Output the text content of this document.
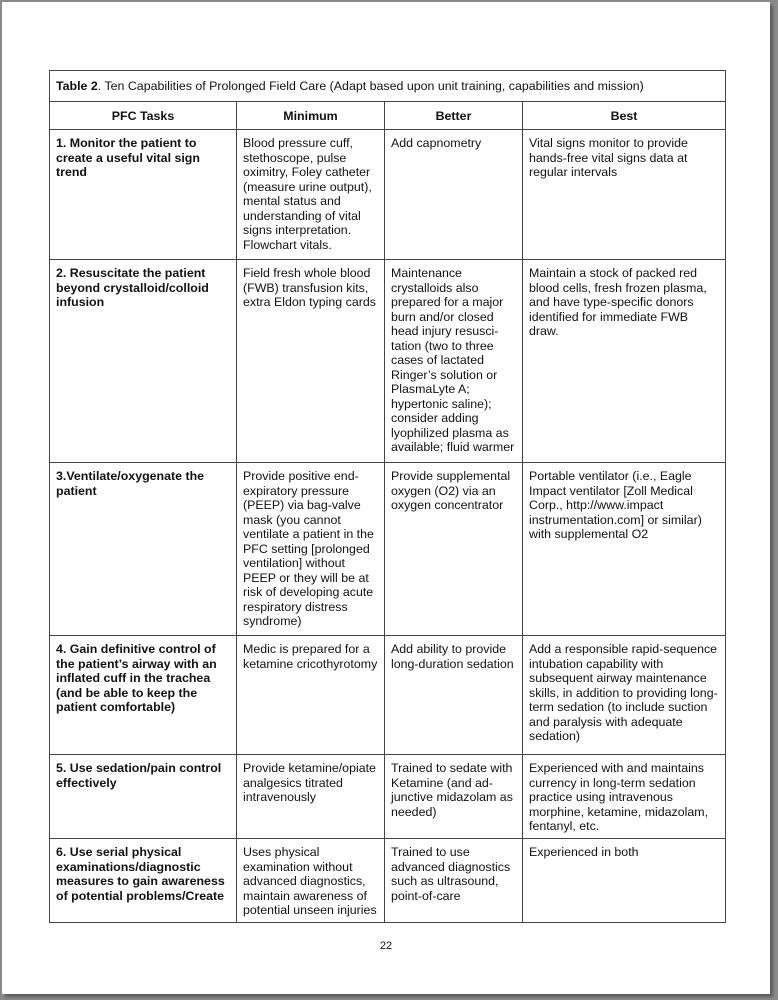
Table 2. Ten Capabilities of Prolonged Field Care (Adapt based upon unit training, capabilities and mission)			
PFC Tasks	Minimum	Better	Best
1. Monitor the patient to create a useful vital sign trend	Blood pressure cuff, stethoscope, pulse oximitry, Foley catheter (measure urine output), mental status and understanding of vital signs interpretation. Flowchart vitals.	Add capnometry	Vital signs monitor to provide hands-free vital signs data at regular intervals
2. Resuscitate the patient beyond crystalloid/colloid infusion	Field fresh whole blood (FWB) transfusion kits, extra Eldon typing cards	Maintenance crystalloids also prepared for a major burn and/or closed head injury resusci-tation (two to three cases of lactated Ringer’s solution or PlasmaLyte A; hypertonic saline); consider adding lyophilized plasma as available; fluid warmer	Maintain a stock of packed red blood cells, fresh frozen plasma, and have type-specific donors identified for immediate FWB draw.
3.Ventilate/oxygenate the patient	Provide positive end-expiratory pressure (PEEP) via bag-valve mask (you cannot ventilate a patient in the PFC setting [prolonged ventilation] without PEEP or they will be at risk of developing acute respiratory distress syndrome)	Provide supplemental oxygen (O2) via an oxygen concentrator	Portable ventilator (i.e., Eagle Impact ventilator [Zoll Medical Corp., http://www.impact instrumentation.com] or similar) with supplemental O2
4. Gain definitive control of the patient’s airway with an inflated cuff in the trachea (and be able to keep the patient comfortable)	Medic is prepared for a ketamine cricothyrotomy	Add ability to provide long-duration sedation	Add a responsible rapid-sequence intubation capability with subsequent airway maintenance skills, in addition to providing long-term sedation (to include suction and paralysis with adequate sedation)
5. Use sedation/pain control effectively	Provide ketamine/opiate analgesics titrated intravenously	Trained to sedate with Ketamine (and ad-junctive midazolam as needed)	Experienced with and maintains currency in long-term sedation practice using intravenous morphine, ketamine, midazolam, fentanyl, etc.
6. Use serial physical examinations/diagnostic measures to gain awareness of potential problems/Create	Uses physical examination without advanced diagnostics, maintain awareness of potential unseen injuries	Trained to use advanced diagnostics such as ultrasound, point-of-care	Experienced in both
22
